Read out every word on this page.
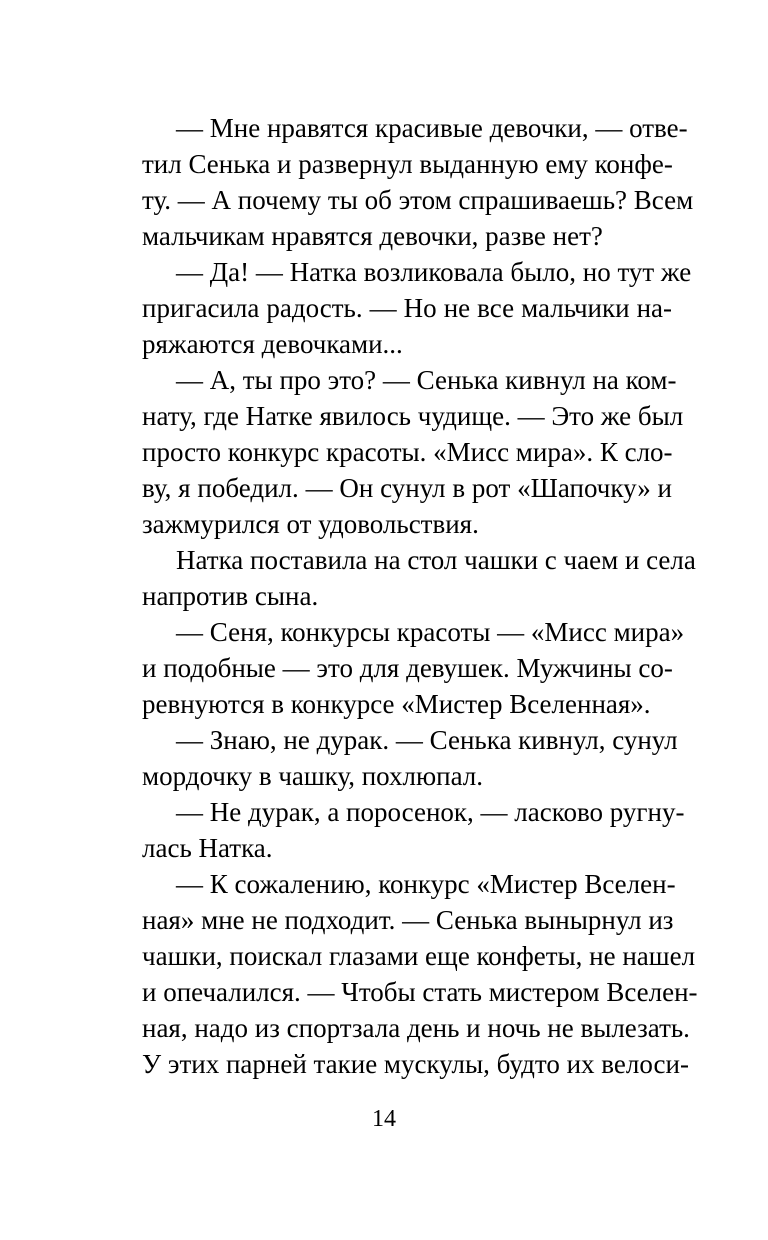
— Мне нравятся красивые девочки, — отве-
тил Сенька и развернул выданную ему конфе-
ту. — А почему ты об этом спрашиваешь? Всем
мальчикам нравятся девочки, разве нет?
— Да! — Натка возликовала было, но тут же
пригасила радость. — Но не все мальчики на-
ряжаются девочками...
— А, ты про это? — Сенька кивнул на ком-
нату, где Натке явилось чудище. — Это же был
просто конкурс красоты. «Мисс мира». К сло-
ву, я победил. — Он сунул в рот «Шапочку» и
зажмурился от удовольствия.
Натка поставила на стол чашки с чаем и села
напротив сына.
— Сеня, конкурсы красоты — «Мисс мира»
и подобные — это для девушек. Мужчины со-
ревнуются в конкурсе «Мистер Вселенная».
— Знаю, не дурак. — Сенька кивнул, сунул
мордочку в чашку, похлюпал.
— Не дурак, а поросенок, — ласково ругну-
лась Натка.
— К сожалению, конкурс «Мистер Вселен-
ная» мне не подходит. — Сенька вынырнул из
чашки, поискал глазами еще конфеты, не нашел
и опечалился. — Чтобы стать мистером Вселен-
ная, надо из спортзала день и ночь не вылезать.
У этих парней такие мускулы, будто их велоси-
14
